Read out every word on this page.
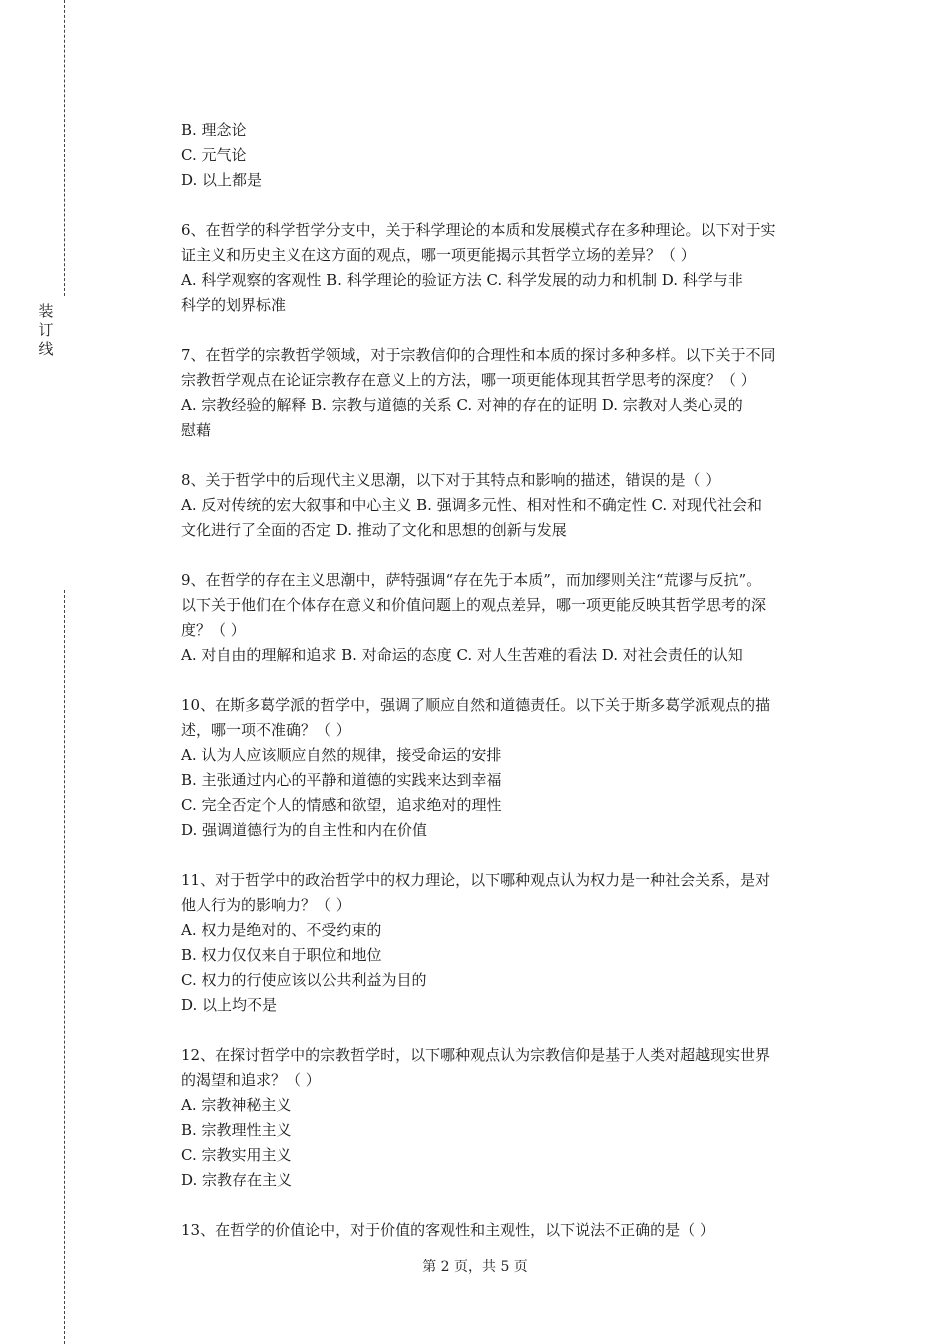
装
订
线
B. 理念论
C. 元气论
D. 以上都是
6、在哲学的科学哲学分支中，关于科学理论的本质和发展模式存在多种理论。以下对于实
证主义和历史主义在这方面的观点，哪一项更能揭示其哲学立场的差异？（ ）
A. 科学观察的客观性 B. 科学理论的验证方法 C. 科学发展的动力和机制 D. 科学与非
科学的划界标准
7、在哲学的宗教哲学领域，对于宗教信仰的合理性和本质的探讨多种多样。以下关于不同
宗教哲学观点在论证宗教存在意义上的方法，哪一项更能体现其哲学思考的深度？（ ）
A. 宗教经验的解释 B. 宗教与道德的关系 C. 对神的存在的证明 D. 宗教对人类心灵的
慰藉
8、关于哲学中的后现代主义思潮，以下对于其特点和影响的描述，错误的是（ ）
A. 反对传统的宏大叙事和中心主义 B. 强调多元性、相对性和不确定性 C. 对现代社会和
文化进行了全面的否定 D. 推动了文化和思想的创新与发展
9、在哲学的存在主义思潮中，萨特强调“存在先于本质”，而加缪则关注“荒谬与反抗”。
以下关于他们在个体存在意义和价值问题上的观点差异，哪一项更能反映其哲学思考的深
度？（ ）
A. 对自由的理解和追求 B. 对命运的态度 C. 对人生苦难的看法 D. 对社会责任的认知
10、在斯多葛学派的哲学中，强调了顺应自然和道德责任。以下关于斯多葛学派观点的描
述，哪一项不准确？（ ）
A. 认为人应该顺应自然的规律，接受命运的安排
B. 主张通过内心的平静和道德的实践来达到幸福
C. 完全否定个人的情感和欲望，追求绝对的理性
D. 强调道德行为的自主性和内在价值
11、对于哲学中的政治哲学中的权力理论，以下哪种观点认为权力是一种社会关系，是对
他人行为的影响力？（ ）
A. 权力是绝对的、不受约束的
B. 权力仅仅来自于职位和地位
C. 权力的行使应该以公共利益为目的
D. 以上均不是
12、在探讨哲学中的宗教哲学时，以下哪种观点认为宗教信仰是基于人类对超越现实世界
的渴望和追求？（ ）
A. 宗教神秘主义
B. 宗教理性主义
C. 宗教实用主义
D. 宗教存在主义
13、在哲学的价值论中，对于价值的客观性和主观性，以下说法不正确的是（ ）
第 2 页，共 5 页
